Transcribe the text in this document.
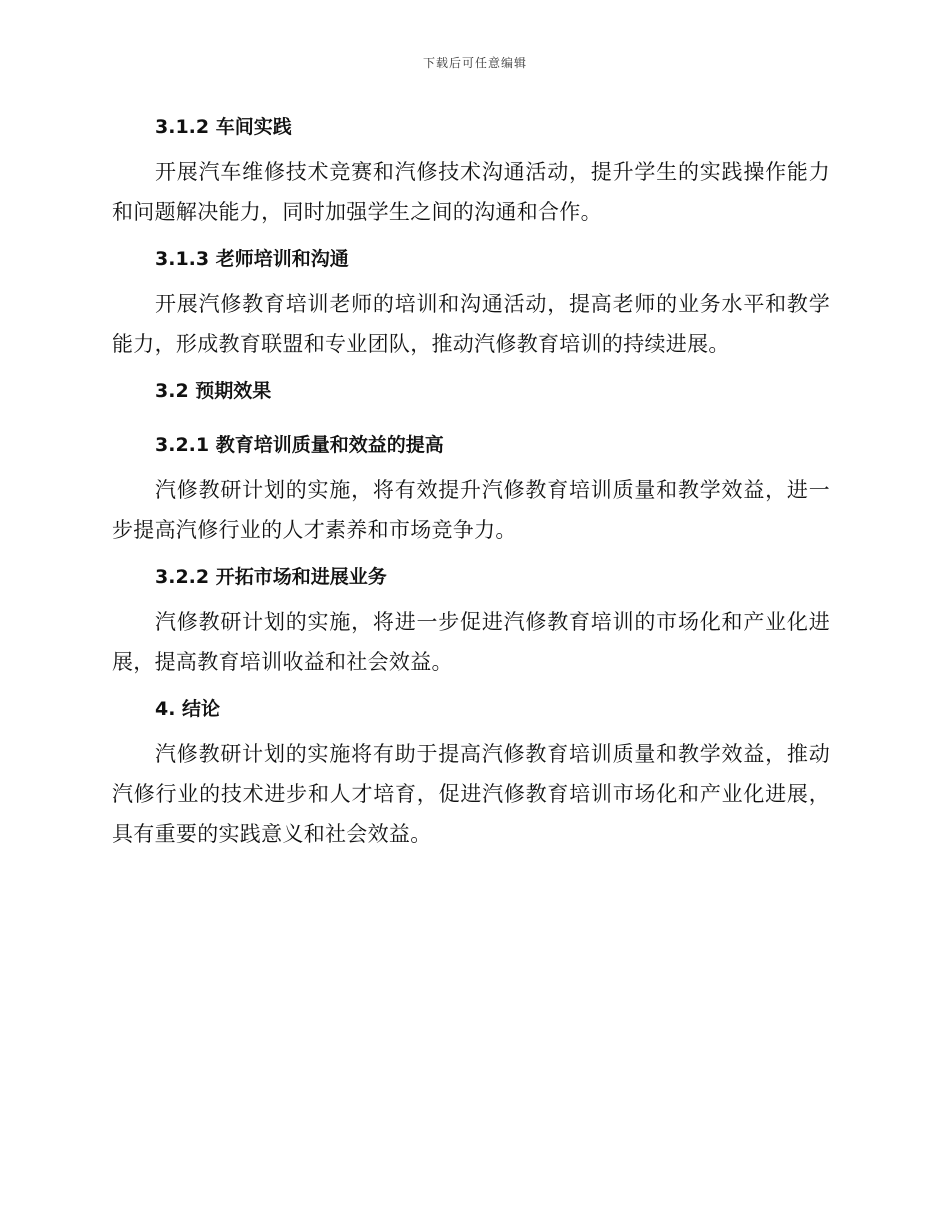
下载后可任意编辑
3.1.2 车间实践
开展汽车维修技术竞赛和汽修技术沟通活动，提升学生的实践操作能力和问题解决能力，同时加强学生之间的沟通和合作。
3.1.3 老师培训和沟通
开展汽修教育培训老师的培训和沟通活动，提高老师的业务水平和教学能力，形成教育联盟和专业团队，推动汽修教育培训的持续进展。
3.2 预期效果
3.2.1 教育培训质量和效益的提高
汽修教研计划的实施，将有效提升汽修教育培训质量和教学效益，进一步提高汽修行业的人才素养和市场竞争力。
3.2.2 开拓市场和进展业务
汽修教研计划的实施，将进一步促进汽修教育培训的市场化和产业化进展，提高教育培训收益和社会效益。
4. 结论
汽修教研计划的实施将有助于提高汽修教育培训质量和教学效益，推动汽修行业的技术进步和人才培育，促进汽修教育培训市场化和产业化进展，具有重要的实践意义和社会效益。
